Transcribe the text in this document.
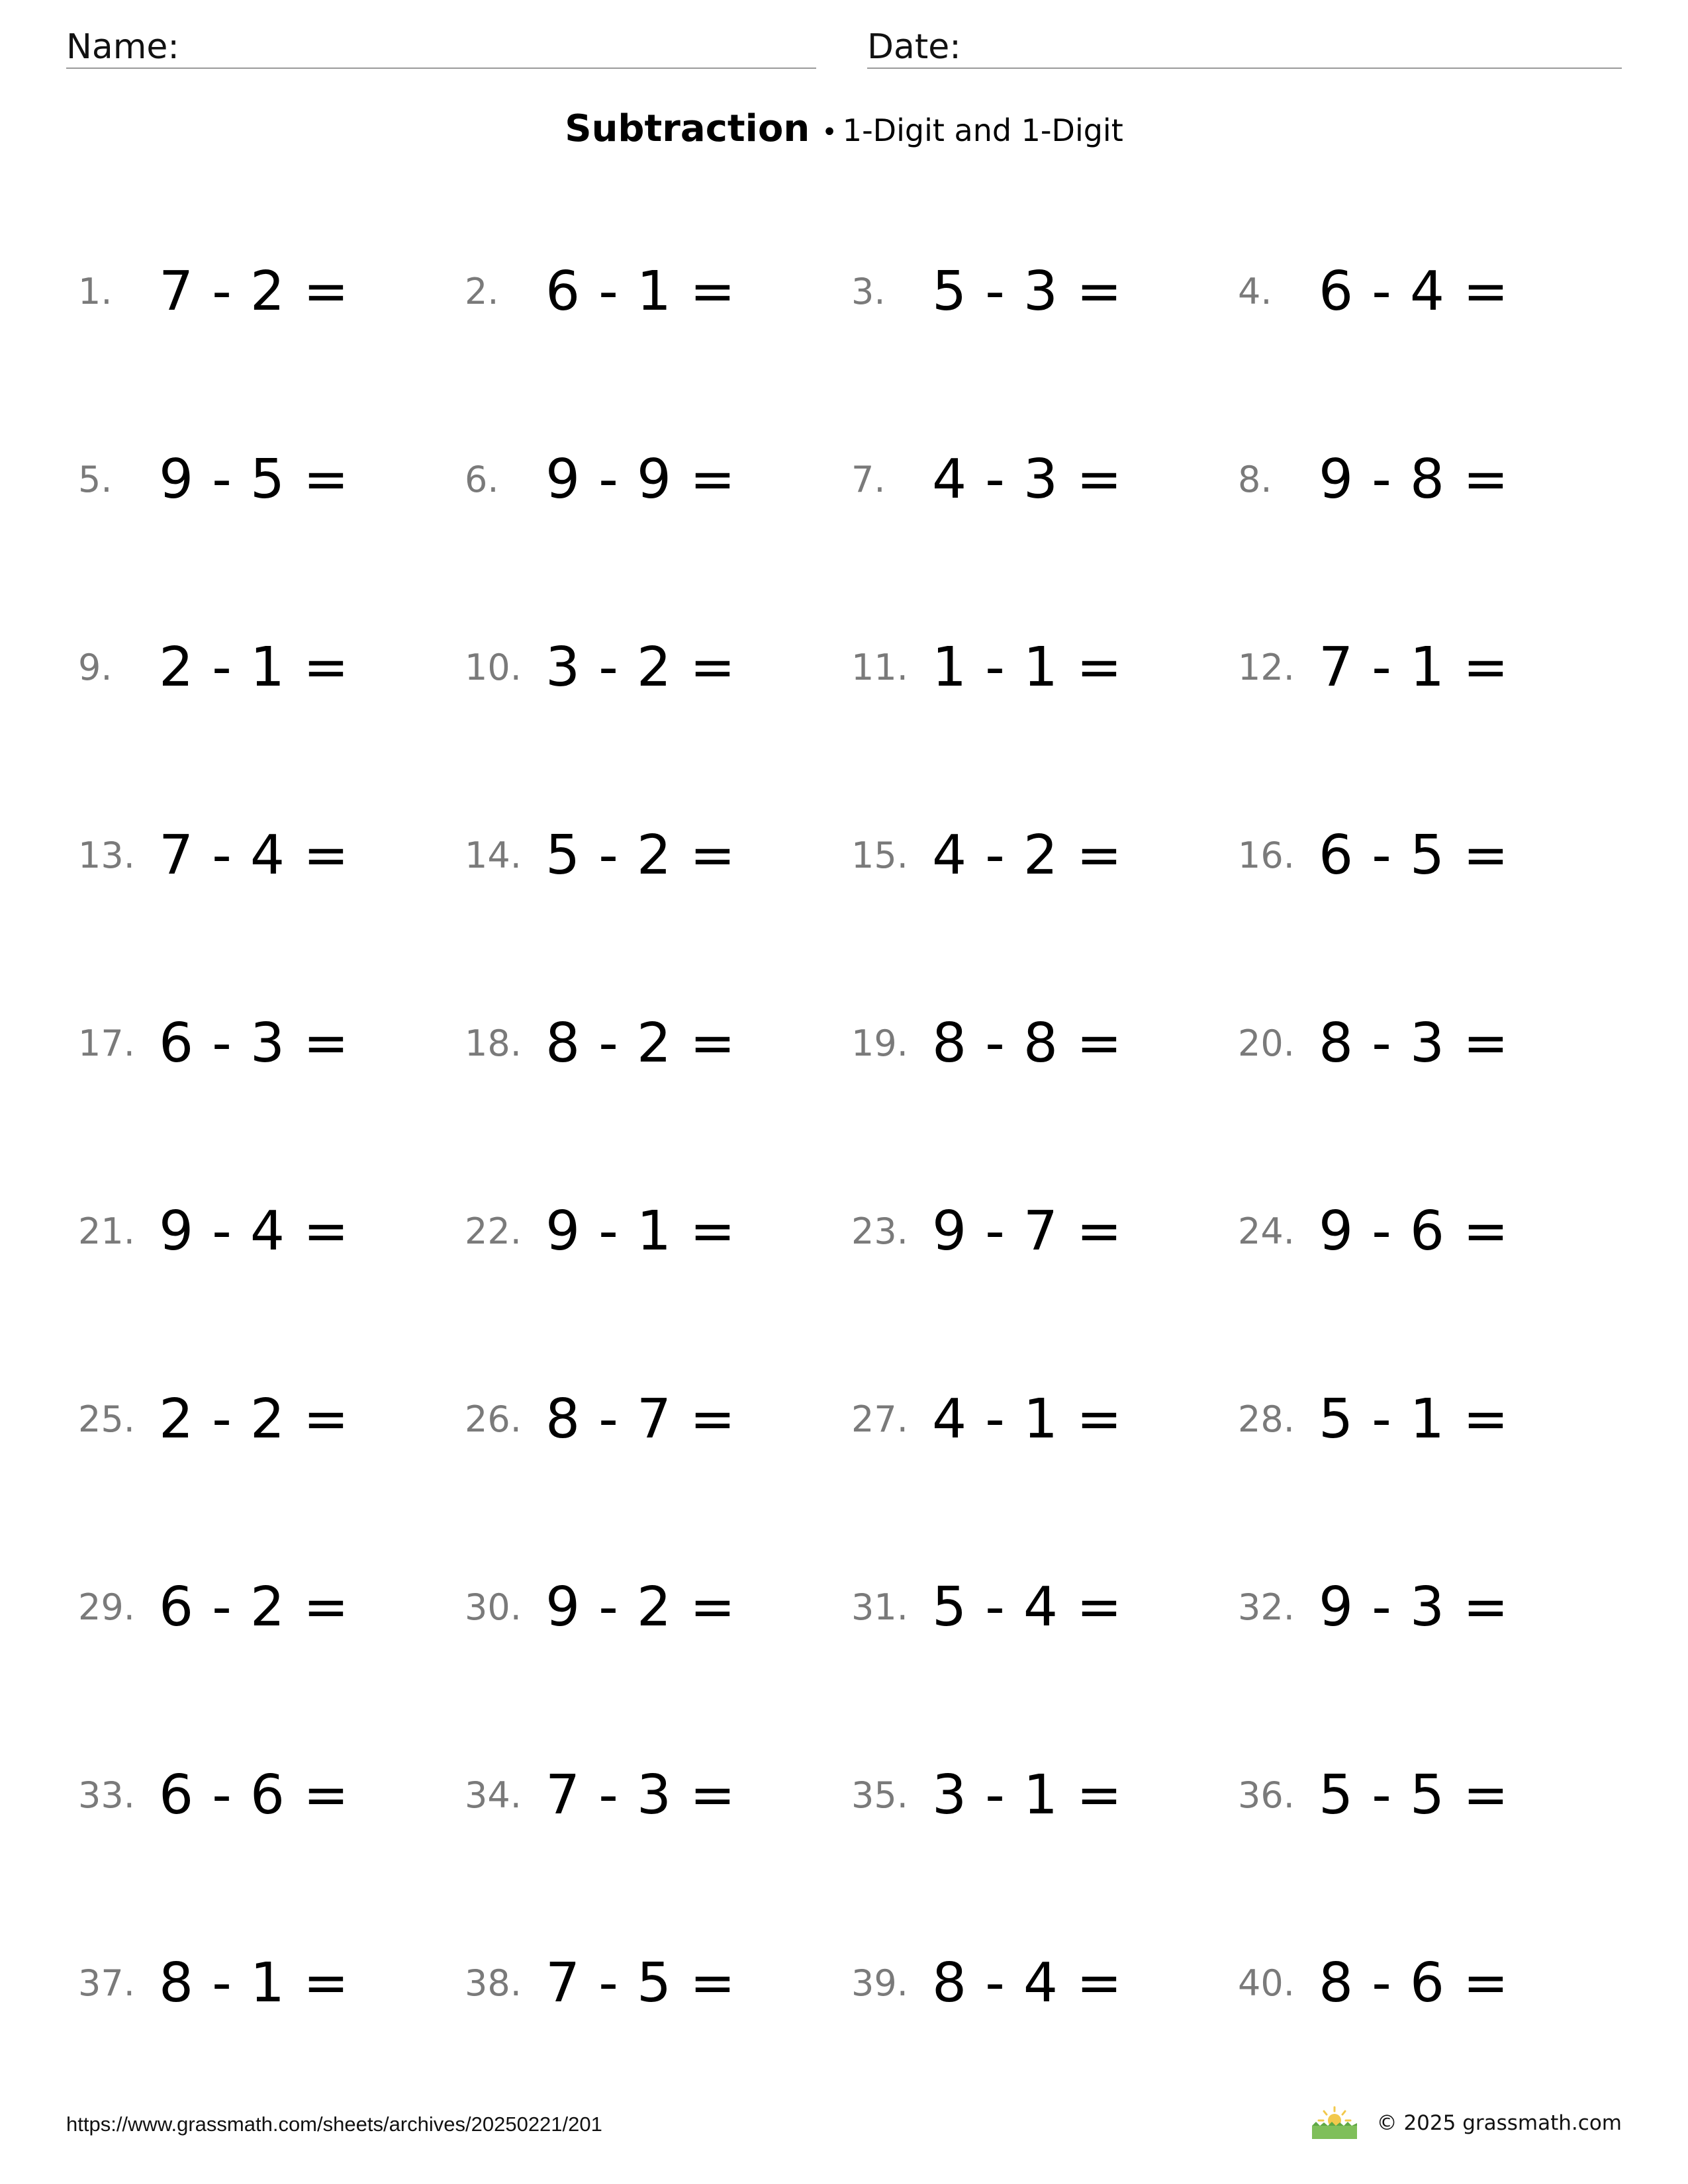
Name:	Date:
Subtraction • 1-Digit and 1-Digit
1. 7 - 2 =	2. 6 - 1 =	3. 5 - 3 =	4. 6 - 4 =
5. 9 - 5 =	6. 9 - 9 =	7. 4 - 3 =	8. 9 - 8 =
9. 2 - 1 =	10. 3 - 2 =	11. 1 - 1 =	12. 7 - 1 =
13. 7 - 4 =	14. 5 - 2 =	15. 4 - 2 =	16. 6 - 5 =
17. 6 - 3 =	18. 8 - 2 =	19. 8 - 8 =	20. 8 - 3 =
21. 9 - 4 =	22. 9 - 1 =	23. 9 - 7 =	24. 9 - 6 =
25. 2 - 2 =	26. 8 - 7 =	27. 4 - 1 =	28. 5 - 1 =
29. 6 - 2 =	30. 9 - 2 =	31. 5 - 4 =	32. 9 - 3 =
33. 6 - 6 =	34. 7 - 3 =	35. 3 - 1 =	36. 5 - 5 =
37. 8 - 1 =	38. 7 - 5 =	39. 8 - 4 =	40. 8 - 6 =
https://www.grassmath.com/sheets/archives/20250221/201	© 2025 grassmath.com
